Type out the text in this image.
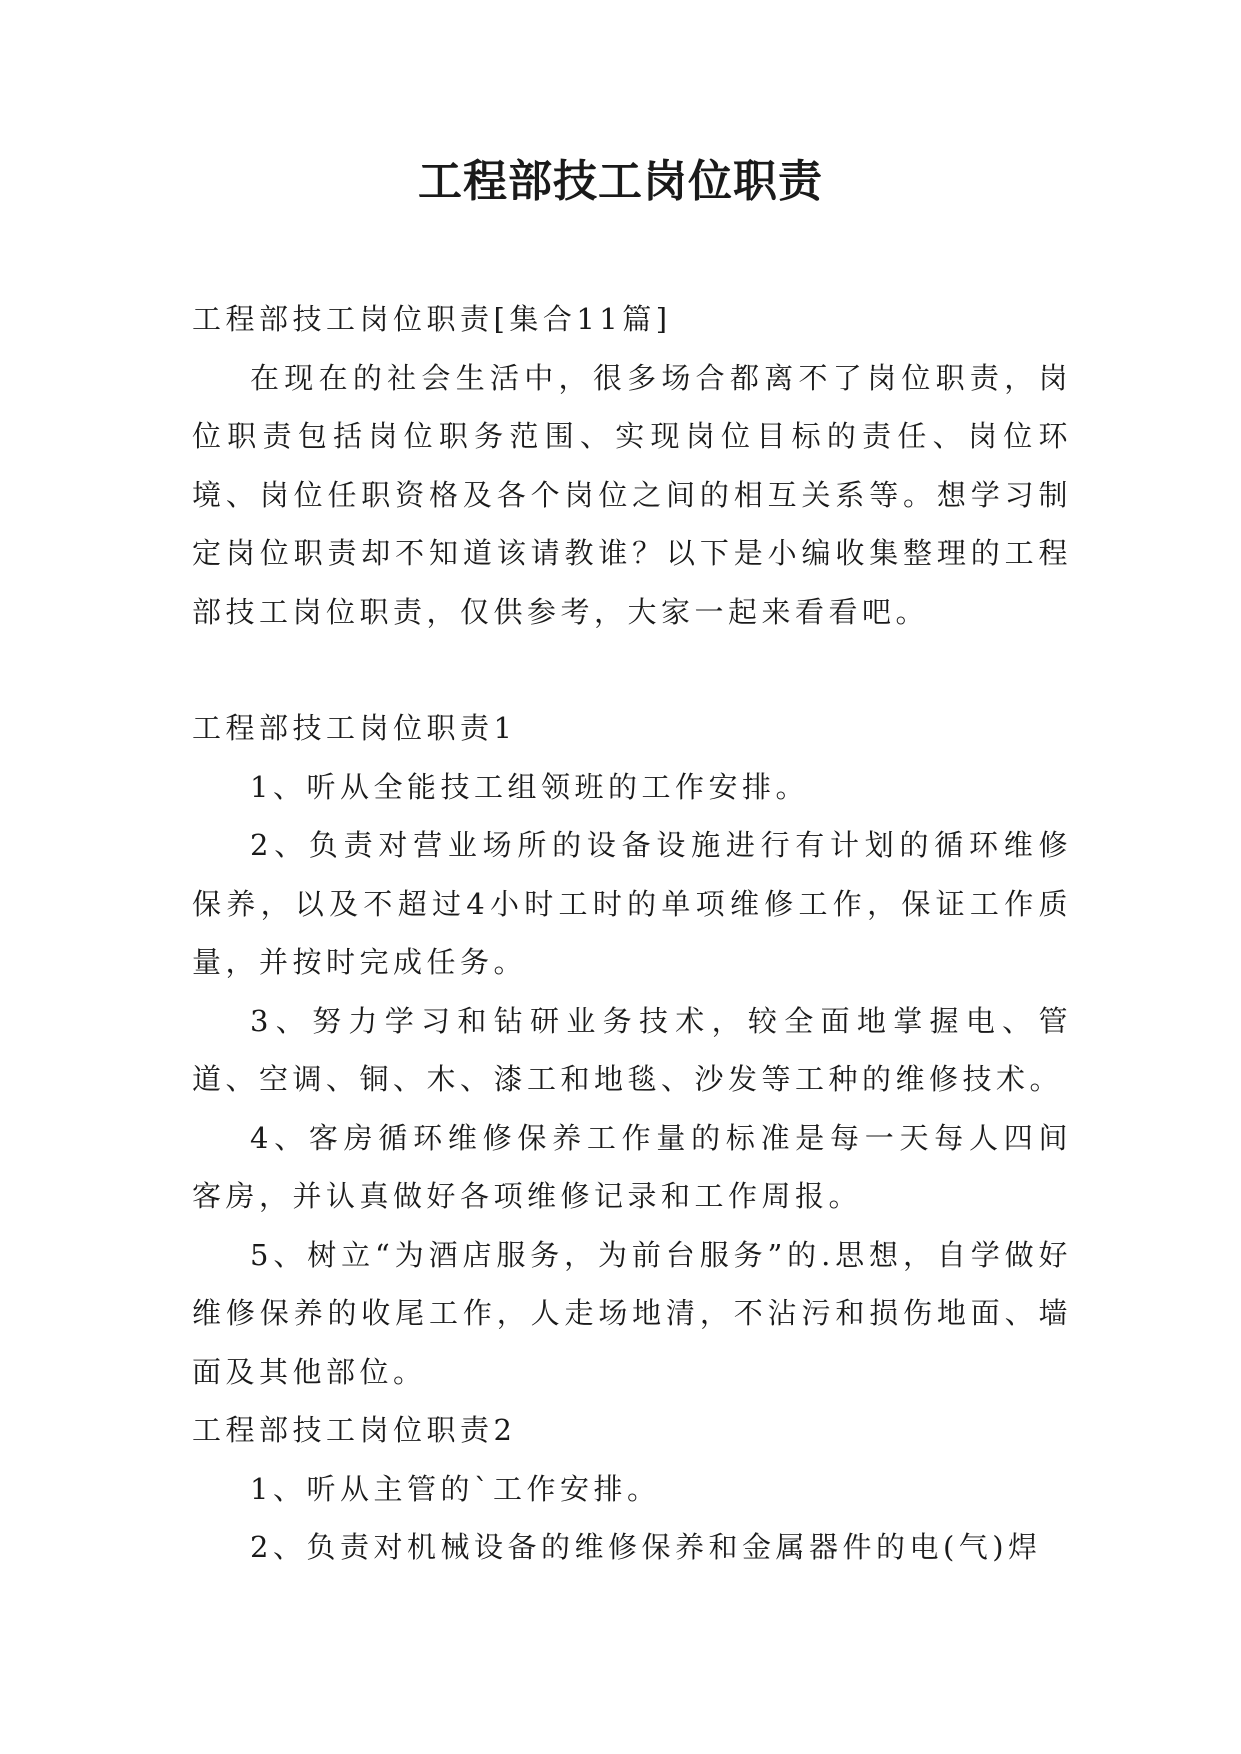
工程部技工岗位职责

工程部技工岗位职责[集合11篇]

在现在的社会生活中，很多场合都离不了岗位职责，岗位职责包括岗位职务范围、实现岗位目标的责任、岗位环境、岗位任职资格及各个岗位之间的相互关系等。想学习制定岗位职责却不知道该请教谁？以下是小编收集整理的工程部技工岗位职责，仅供参考，大家一起来看看吧。

工程部技工岗位职责1

1、听从全能技工组领班的工作安排。

2、负责对营业场所的设备设施进行有计划的循环维修保养，以及不超过4小时工时的单项维修工作，保证工作质量，并按时完成任务。

3、努力学习和钻研业务技术，较全面地掌握电、管道、空调、铜、木、漆工和地毯、沙发等工种的维修技术。

4、客房循环维修保养工作量的标准是每一天每人四间客房，并认真做好各项维修记录和工作周报。

5、树立“为酒店服务，为前台服务”的.思想，自学做好维修保养的收尾工作，人走场地清，不沾污和损伤地面、墙面及其他部位。

工程部技工岗位职责2

1、听从主管的`工作安排。

2、负责对机械设备的维修保养和金属器件的电(气)焊
